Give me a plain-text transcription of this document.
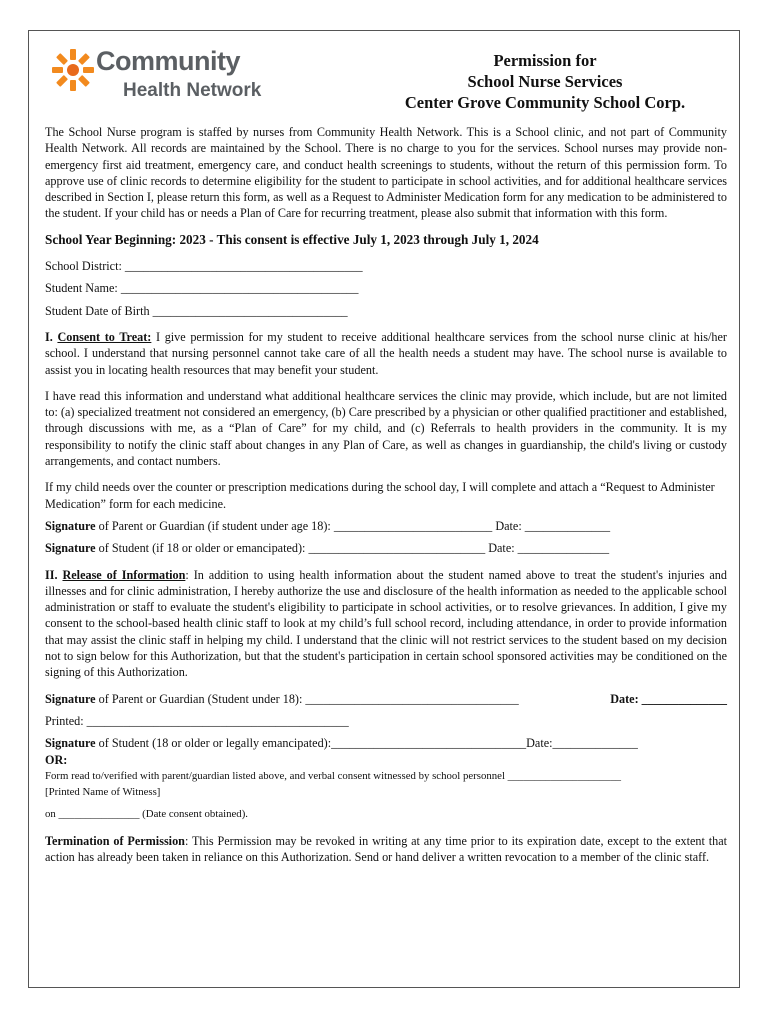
Community
Health Network
Permission for
School Nurse Services
Center Grove Community School Corp.

The School Nurse program is staffed by nurses from Community Health Network. This is a School clinic, and not part of Community Health Network. All records are maintained by the School. There is no charge to you for the services. School nurses may provide non-emergency first aid treatment, emergency care, and conduct health screenings to students, without the return of this permission form. To approve use of clinic records to determine eligibility for the student to participate in school activities, and for additional healthcare services described in Section I, please return this form, as well as a Request to Administer Medication form for any medication to be administered to the student. If your child has or needs a Plan of Care for recurring treatment, please also submit that information with this form.

School Year Beginning: 2023 - This consent is effective July 1, 2023 through July 1, 2024

School District: _______________________________________

Student Name: _______________________________________

Student Date of Birth ________________________________

I. Consent to Treat: I give permission for my student to receive additional healthcare services from the school nurse clinic at his/her school. I understand that nursing personnel cannot take care of all the health needs a student may have. The school nurse is available to assist you in locating health resources that may benefit your student.

I have read this information and understand what additional healthcare services the clinic may provide, which include, but are not limited to: (a) specialized treatment not considered an emergency, (b) Care prescribed by a physician or other qualified practitioner and established, through discussions with me, as a “Plan of Care” for my child, and (c) Referrals to health providers in the community. It is my responsibility to notify the clinic staff about changes in any Plan of Care, as well as changes in guardianship, the child's living or custody arrangements, and contact numbers.

If my child needs over the counter or prescription medications during the school day, I will complete and attach a “Request to Administer Medication” form for each medicine.

Signature of Parent or Guardian (if student under age 18): __________________________ Date: ______________

Signature of Student (if 18 or older or emancipated): _____________________________ Date: _______________

II. Release of Information: In addition to using health information about the student named above to treat the student's injuries and illnesses and for clinic administration, I hereby authorize the use and disclosure of the health information as needed to the applicable school administration or staff to evaluate the student's eligibility to participate in school activities, or to resolve grievances. In addition, I give my consent to the school-based health clinic staff to look at my child’s full school record, including attendance, in order to provide information that may assist the clinic staff in helping my child. I understand that the clinic will not restrict services to the student based on my decision not to sign below for this Authorization, but that the student's participation in certain school sponsored activities may be conditioned on the signing of this Authorization.

Signature of Parent or Guardian (Student under 18): ___________________________________	Date: ______________

Printed: ___________________________________________

Signature of Student (18 or older or legally emancipated):________________________________Date:______________

OR:

Form read to/verified with parent/guardian listed above, and verbal consent witnessed by school personnel _____________________

[Printed Name of Witness]

on _______________ (Date consent obtained).

Termination of Permission: This Permission may be revoked in writing at any time prior to its expiration date, except to the extent that action has already been taken in reliance on this Authorization. Send or hand deliver a written revocation to a member of the clinic staff.
